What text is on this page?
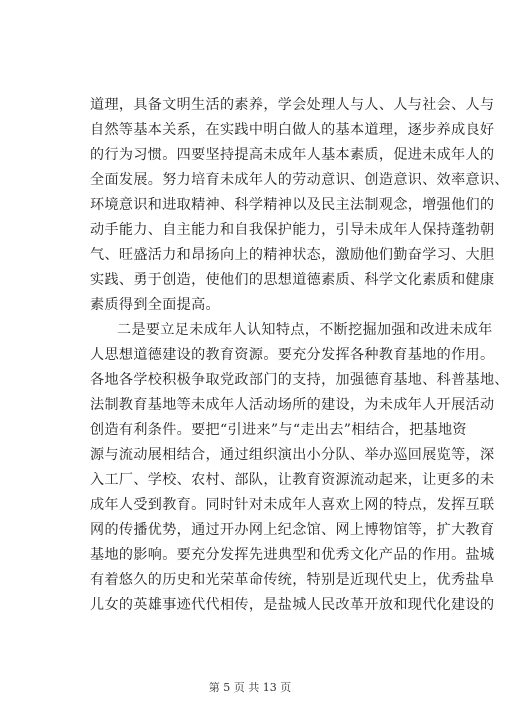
道理，具备文明生活的素养，学会处理人与人、人与社会、人与
自然等基本关系，在实践中明白做人的基本道理，逐步养成良好
的行为习惯。四要坚持提高未成年人基本素质，促进未成年人的
全面发展。努力培育未成年人的劳动意识、创造意识、效率意识、
环境意识和进取精神、科学精神以及民主法制观念，增强他们的
动手能力、自主能力和自我保护能力，引导未成年人保持蓬勃朝
气、旺盛活力和昂扬向上的精神状态，激励他们勤奋学习、大胆
实践、勇于创造，使他们的思想道德素质、科学文化素质和健康
素质得到全面提高。
二是要立足未成年人认知特点，不断挖掘加强和改进未成年
人思想道德建设的教育资源。要充分发挥各种教育基地的作用。
各地各学校积极争取党政部门的支持，加强德育基地、科普基地、
法制教育基地等未成年人活动场所的建设，为未成年人开展活动
创造有利条件。要把“引进来”与“走出去”相结合，把基地资
源与流动展相结合，通过组织演出小分队、举办巡回展览等，深
入工厂、学校、农村、部队，让教育资源流动起来，让更多的未
成年人受到教育。同时针对未成年人喜欢上网的特点，发挥互联
网的传播优势，通过开办网上纪念馆、网上博物馆等，扩大教育
基地的影响。要充分发挥先进典型和优秀文化产品的作用。盐城
有着悠久的历史和光荣革命传统，特别是近现代史上，优秀盐阜
儿女的英雄事迹代代相传，是盐城人民改革开放和现代化建设的
第 5 页 共 13 页
